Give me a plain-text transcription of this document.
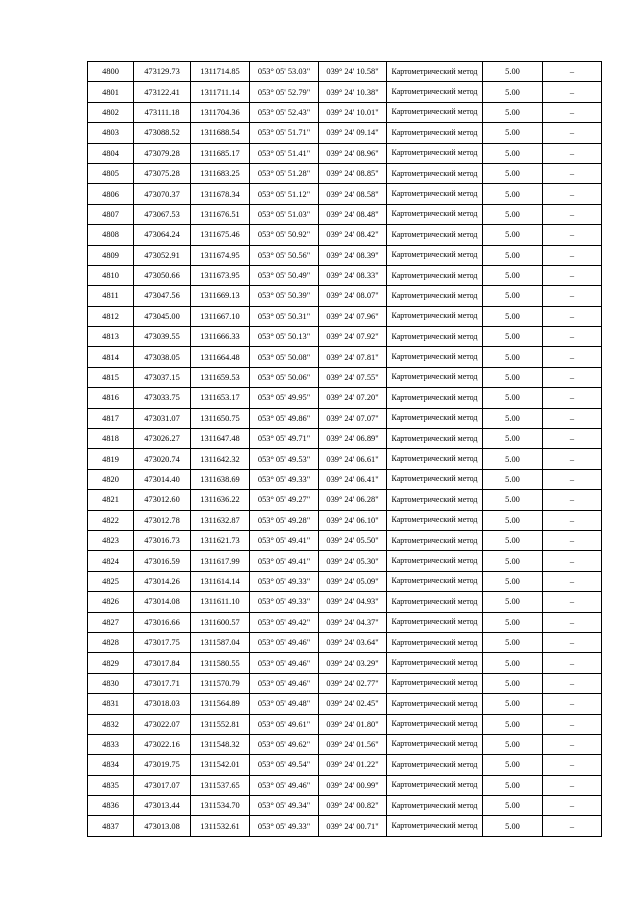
4800	473129.73	1311714.85	053° 05' 53.03"	039° 24' 10.58"	Картометрический метод	5.00	–
4801	473122.41	1311711.14	053° 05' 52.79"	039° 24' 10.38"	Картометрический метод	5.00	–
4802	473111.18	1311704.36	053° 05' 52.43"	039° 24' 10.01"	Картометрический метод	5.00	–
4803	473088.52	1311688.54	053° 05' 51.71"	039° 24' 09.14"	Картометрический метод	5.00	–
4804	473079.28	1311685.17	053° 05' 51.41"	039° 24' 08.96"	Картометрический метод	5.00	–
4805	473075.28	1311683.25	053° 05' 51.28"	039° 24' 08.85"	Картометрический метод	5.00	–
4806	473070.37	1311678.34	053° 05' 51.12"	039° 24' 08.58"	Картометрический метод	5.00	–
4807	473067.53	1311676.51	053° 05' 51.03"	039° 24' 08.48"	Картометрический метод	5.00	–
4808	473064.24	1311675.46	053° 05' 50.92"	039° 24' 08.42"	Картометрический метод	5.00	–
4809	473052.91	1311674.95	053° 05' 50.56"	039° 24' 08.39"	Картометрический метод	5.00	–
4810	473050.66	1311673.95	053° 05' 50.49"	039° 24' 08.33"	Картометрический метод	5.00	–
4811	473047.56	1311669.13	053° 05' 50.39"	039° 24' 08.07"	Картометрический метод	5.00	–
4812	473045.00	1311667.10	053° 05' 50.31"	039° 24' 07.96"	Картометрический метод	5.00	–
4813	473039.55	1311666.33	053° 05' 50.13"	039° 24' 07.92"	Картометрический метод	5.00	–
4814	473038.05	1311664.48	053° 05' 50.08"	039° 24' 07.81"	Картометрический метод	5.00	–
4815	473037.15	1311659.53	053° 05' 50.06"	039° 24' 07.55"	Картометрический метод	5.00	–
4816	473033.75	1311653.17	053° 05' 49.95"	039° 24' 07.20"	Картометрический метод	5.00	–
4817	473031.07	1311650.75	053° 05' 49.86"	039° 24' 07.07"	Картометрический метод	5.00	–
4818	473026.27	1311647.48	053° 05' 49.71"	039° 24' 06.89"	Картометрический метод	5.00	–
4819	473020.74	1311642.32	053° 05' 49.53"	039° 24' 06.61"	Картометрический метод	5.00	–
4820	473014.40	1311638.69	053° 05' 49.33"	039° 24' 06.41"	Картометрический метод	5.00	–
4821	473012.60	1311636.22	053° 05' 49.27"	039° 24' 06.28"	Картометрический метод	5.00	–
4822	473012.78	1311632.87	053° 05' 49.28"	039° 24' 06.10"	Картометрический метод	5.00	–
4823	473016.73	1311621.73	053° 05' 49.41"	039° 24' 05.50"	Картометрический метод	5.00	–
4824	473016.59	1311617.99	053° 05' 49.41"	039° 24' 05.30"	Картометрический метод	5.00	–
4825	473014.26	1311614.14	053° 05' 49.33"	039° 24' 05.09"	Картометрический метод	5.00	–
4826	473014.08	1311611.10	053° 05' 49.33"	039° 24' 04.93"	Картометрический метод	5.00	–
4827	473016.66	1311600.57	053° 05' 49.42"	039° 24' 04.37"	Картометрический метод	5.00	–
4828	473017.75	1311587.04	053° 05' 49.46"	039° 24' 03.64"	Картометрический метод	5.00	–
4829	473017.84	1311580.55	053° 05' 49.46"	039° 24' 03.29"	Картометрический метод	5.00	–
4830	473017.71	1311570.79	053° 05' 49.46"	039° 24' 02.77"	Картометрический метод	5.00	–
4831	473018.03	1311564.89	053° 05' 49.48"	039° 24' 02.45"	Картометрический метод	5.00	–
4832	473022.07	1311552.81	053° 05' 49.61"	039° 24' 01.80"	Картометрический метод	5.00	–
4833	473022.16	1311548.32	053° 05' 49.62"	039° 24' 01.56"	Картометрический метод	5.00	–
4834	473019.75	1311542.01	053° 05' 49.54"	039° 24' 01.22"	Картометрический метод	5.00	–
4835	473017.07	1311537.65	053° 05' 49.46"	039° 24' 00.99"	Картометрический метод	5.00	–
4836	473013.44	1311534.70	053° 05' 49.34"	039° 24' 00.82"	Картометрический метод	5.00	–
4837	473013.08	1311532.61	053° 05' 49.33"	039° 24' 00.71"	Картометрический метод	5.00	–
